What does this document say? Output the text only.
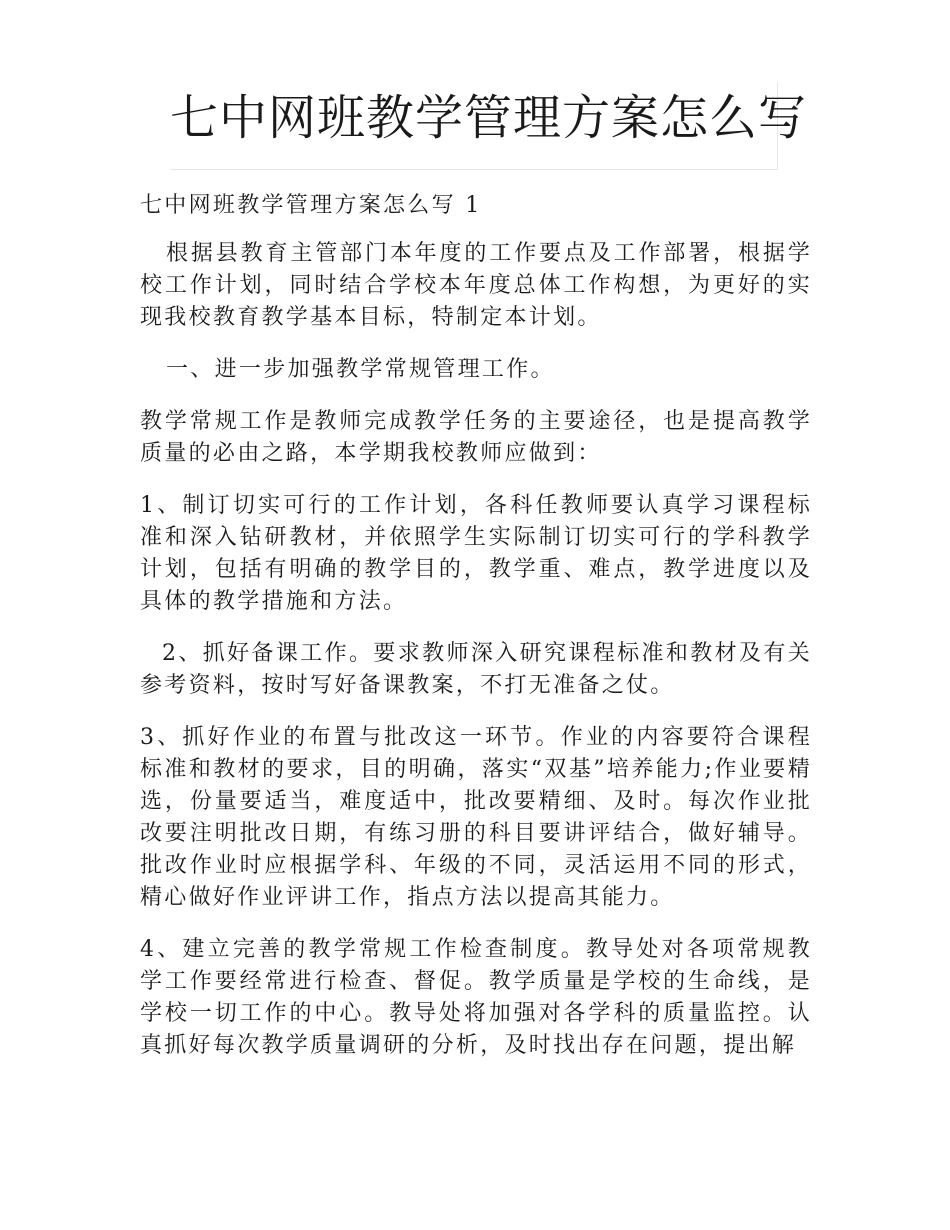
七中网班教学管理方案怎么写

七中网班教学管理方案怎么写 1

根据县教育主管部门本年度的工作要点及工作部署，根据学校工作计划，同时结合学校本年度总体工作构想，为更好的实现我校教育教学基本目标，特制定本计划。

一、进一步加强教学常规管理工作。

教学常规工作是教师完成教学任务的主要途径，也是提高教学质量的必由之路，本学期我校教师应做到：

1、制订切实可行的工作计划，各科任教师要认真学习课程标准和深入钻研教材，并依照学生实际制订切实可行的学科教学计划，包括有明确的教学目的，教学重、难点，教学进度以及具体的教学措施和方法。

2、抓好备课工作。要求教师深入研究课程标准和教材及有关参考资料，按时写好备课教案，不打无准备之仗。

3、抓好作业的布置与批改这一环节。作业的内容要符合课程标准和教材的要求，目的明确，落实“双基”培养能力;作业要精选，份量要适当，难度适中，批改要精细、及时。每次作业批改要注明批改日期，有练习册的科目要讲评结合，做好辅导。批改作业时应根据学科、年级的不同，灵活运用不同的形式，精心做好作业评讲工作，指点方法以提高其能力。

4、建立完善的教学常规工作检查制度。教导处对各项常规教学工作要经常进行检查、督促。教学质量是学校的生命线，是学校一切工作的中心。教导处将加强对各学科的质量监控。认真抓好每次教学质量调研的分析，及时找出存在问题，提出解
